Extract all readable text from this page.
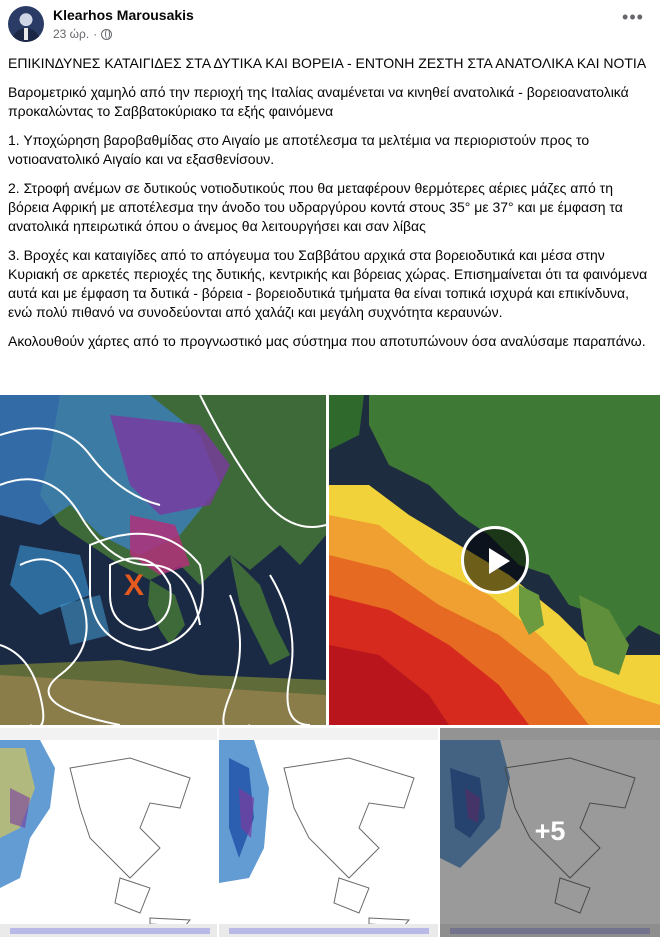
Klearhos Marousakis
23 ώρ. ·
•••

ΕΠΙΚΙΝΔΥΝΕΣ ΚΑΤΑΙΓΙΔΕΣ ΣΤΑ ΔΥΤΙΚΑ ΚΑΙ ΒΟΡΕΙΑ - ΕΝΤΟΝΗ ΖΕΣΤΗ ΣΤΑ ΑΝΑΤΟΛΙΚΑ ΚΑΙ ΝΟΤΙΑ

Βαρομετρικό χαμηλό από την περιοχή της Ιταλίας αναμένεται να κινηθεί ανατολικά - βορειοανατολικά προκαλώντας το Σαββατοκύριακο τα εξής φαινόμενα

1. Υποχώρηση βαροβαθμίδας στο Αιγαίο με αποτέλεσμα τα μελτέμια να περιοριστούν προς το νοτιοανατολικό Αιγαίο και να εξασθενίσουν.

2. Στροφή ανέμων σε δυτικούς νοτιοδυτικούς που θα μεταφέρουν θερμότερες αέριες μάζες από τη βόρεια Αφρική με αποτέλεσμα την άνοδο του υδραργύρου κοντά στους 35° με 37° και με έμφαση τα ανατολικά ηπειρωτικά όπου ο άνεμος θα λειτουργήσει και σαν λίβας

3. Βροχές και καταιγίδες από το απόγευμα του Σαββάτου αρχικά στα βορειοδυτικά και μέσα στην Κυριακή σε αρκετές περιοχές της δυτικής, κεντρικής και βόρειας χώρας. Επισημαίνεται ότι τα φαινόμενα αυτά και με έμφαση τα δυτικά - βόρεια - βορειοδυτικά τμήματα θα είναι τοπικά ισχυρά και επικίνδυνα, ενώ πολύ πιθανό να συνοδεύονται από χαλάζι και μεγάλη συχνότητα κεραυνών.

Ακολουθούν χάρτες από το προγνωστικό μας σύστημα που αποτυπώνουν όσα αναλύσαμε παραπάνω.

X
+5
